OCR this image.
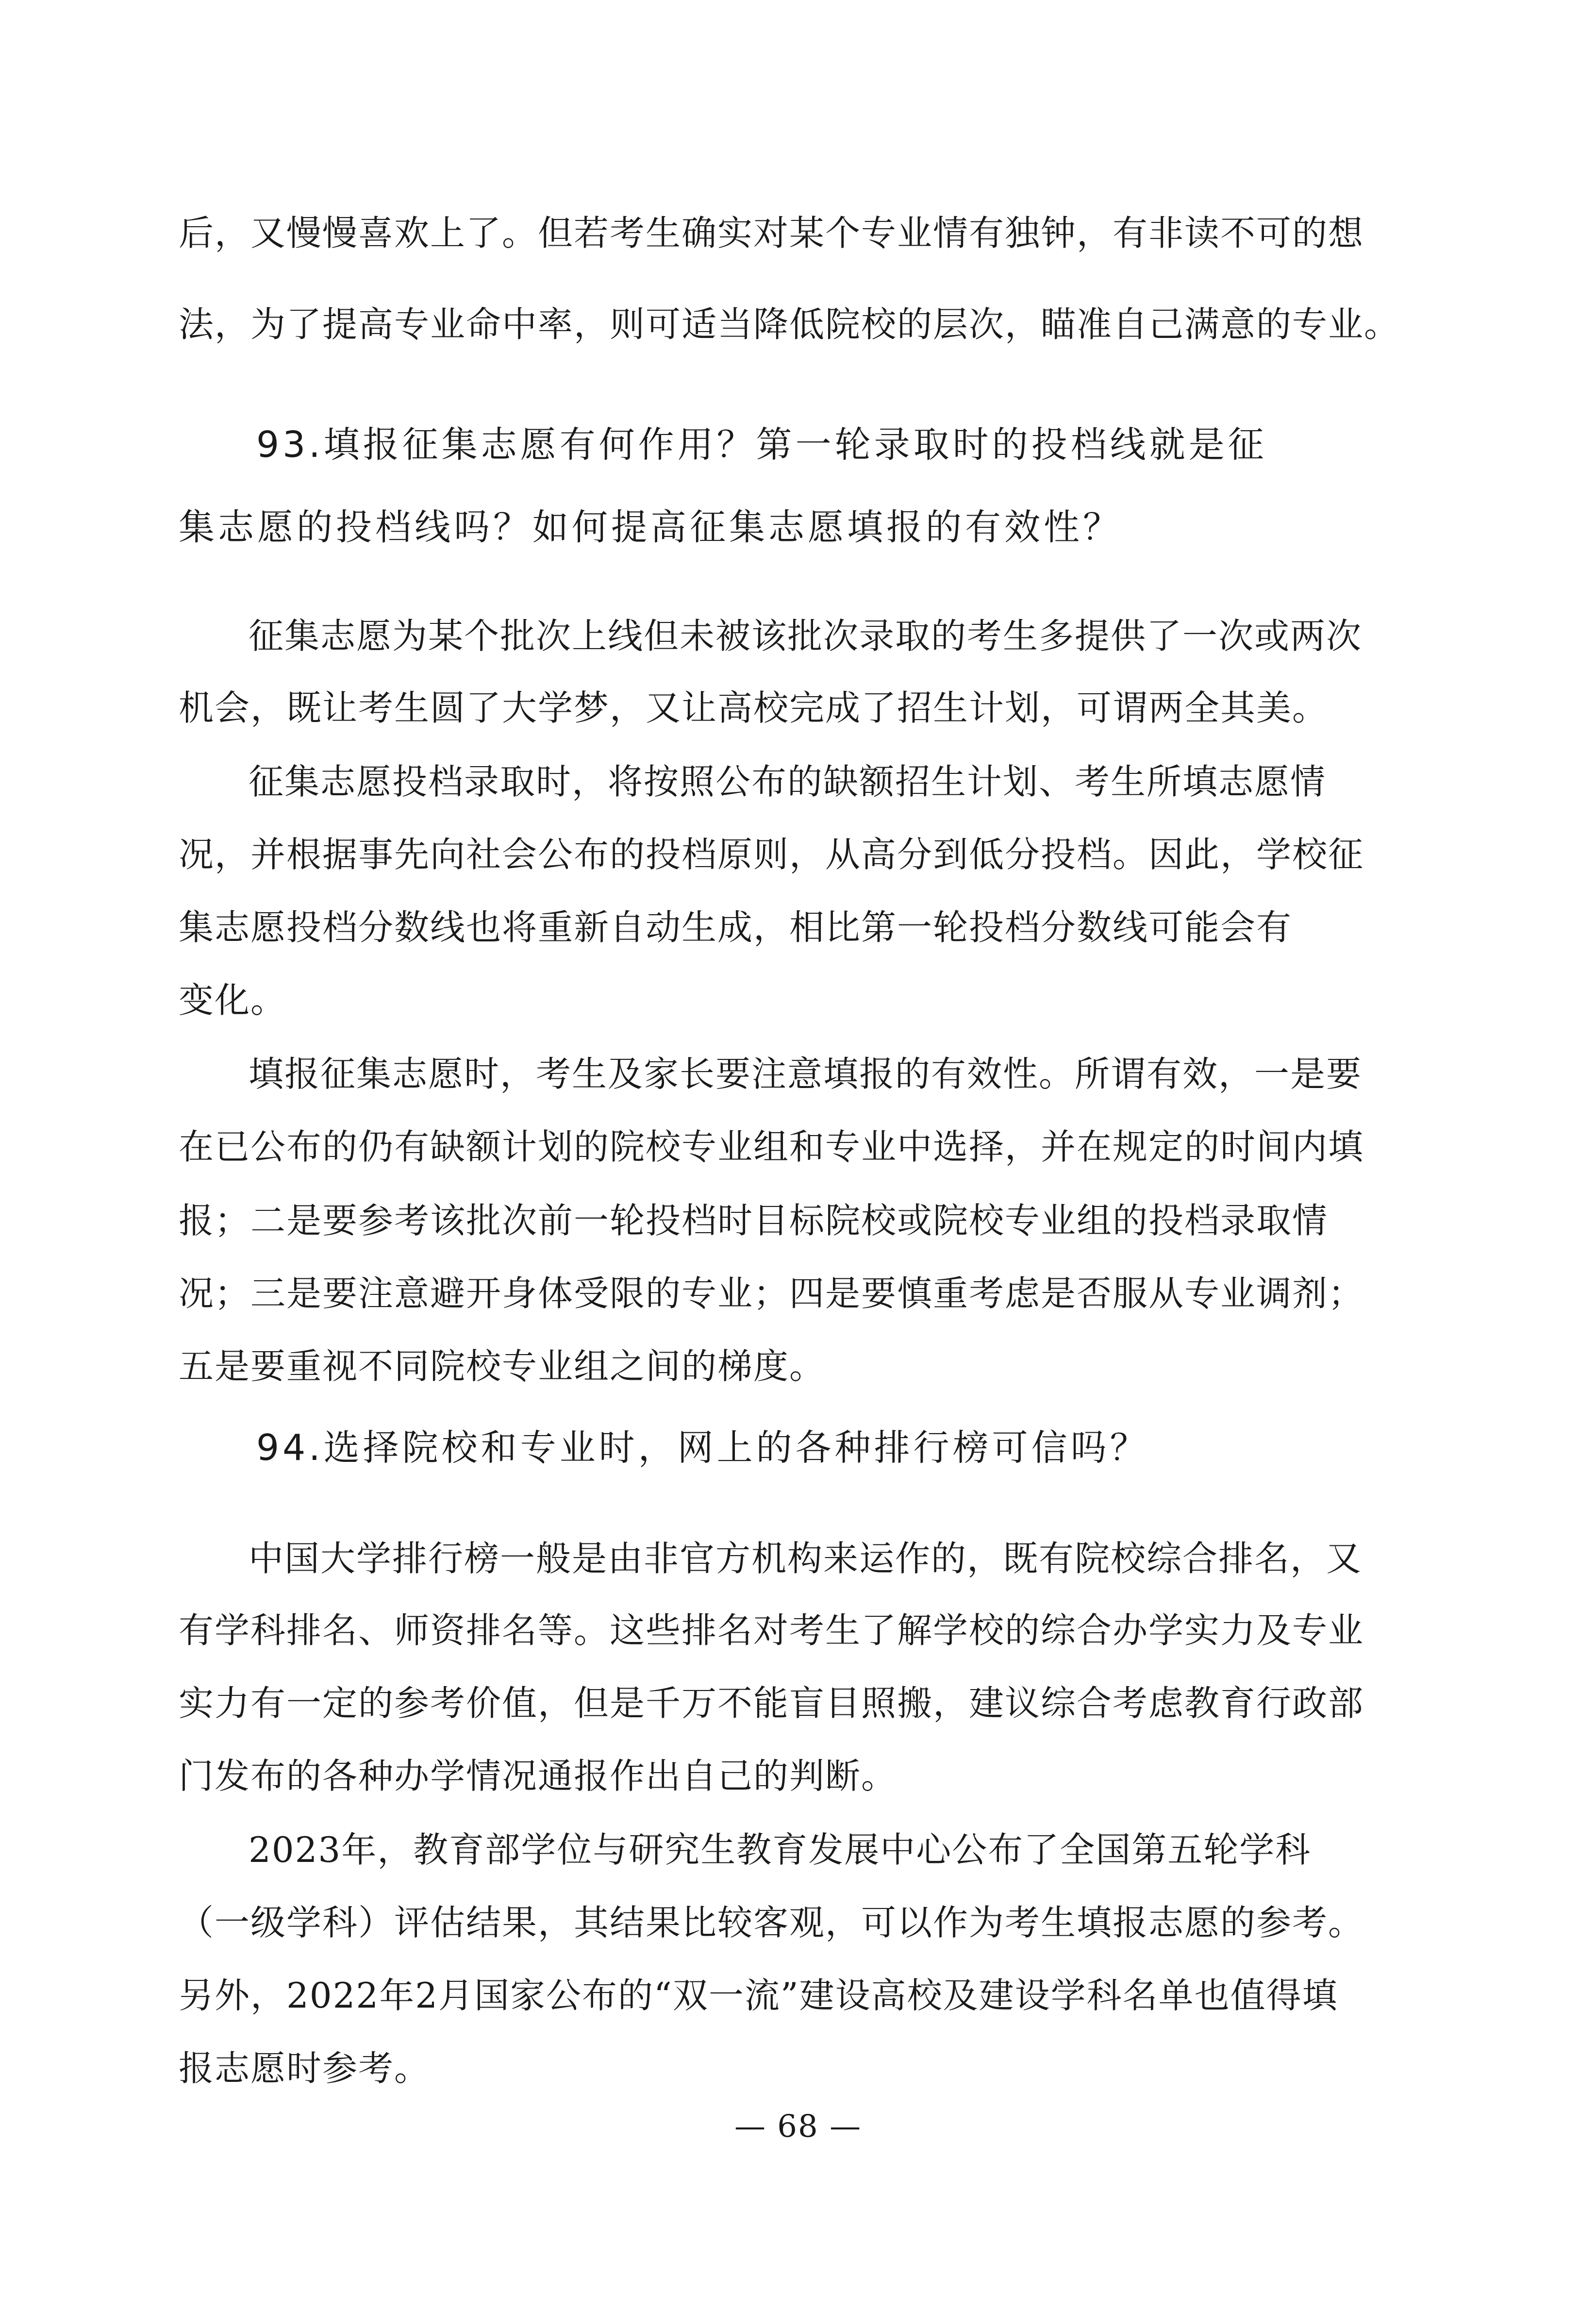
后，又慢慢喜欢上了。但若考生确实对某个专业情有独钟，有非读不可的想
法，为了提高专业命中率，则可适当降低院校的层次，瞄准自己满意的专业。
93.填报征集志愿有何作用？第一轮录取时的投档线就是征
集志愿的投档线吗？如何提高征集志愿填报的有效性？
征集志愿为某个批次上线但未被该批次录取的考生多提供了一次或两次
机会，既让考生圆了大学梦，又让高校完成了招生计划，可谓两全其美。
征集志愿投档录取时，将按照公布的缺额招生计划、考生所填志愿情
况，并根据事先向社会公布的投档原则，从高分到低分投档。因此，学校征
集志愿投档分数线也将重新自动生成，相比第一轮投档分数线可能会有
变化。
填报征集志愿时，考生及家长要注意填报的有效性。所谓有效，一是要
在已公布的仍有缺额计划的院校专业组和专业中选择，并在规定的时间内填
报；二是要参考该批次前一轮投档时目标院校或院校专业组的投档录取情
况；三是要注意避开身体受限的专业；四是要慎重考虑是否服从专业调剂；
五是要重视不同院校专业组之间的梯度。
94.选择院校和专业时，网上的各种排行榜可信吗？
中国大学排行榜一般是由非官方机构来运作的，既有院校综合排名，又
有学科排名、师资排名等。这些排名对考生了解学校的综合办学实力及专业
实力有一定的参考价值，但是千万不能盲目照搬，建议综合考虑教育行政部
门发布的各种办学情况通报作出自己的判断。
2023年，教育部学位与研究生教育发展中心公布了全国第五轮学科
（一级学科）评估结果，其结果比较客观，可以作为考生填报志愿的参考。
另外，2022年2月国家公布的“双一流”建设高校及建设学科名单也值得填
报志愿时参考。
— 68 —
